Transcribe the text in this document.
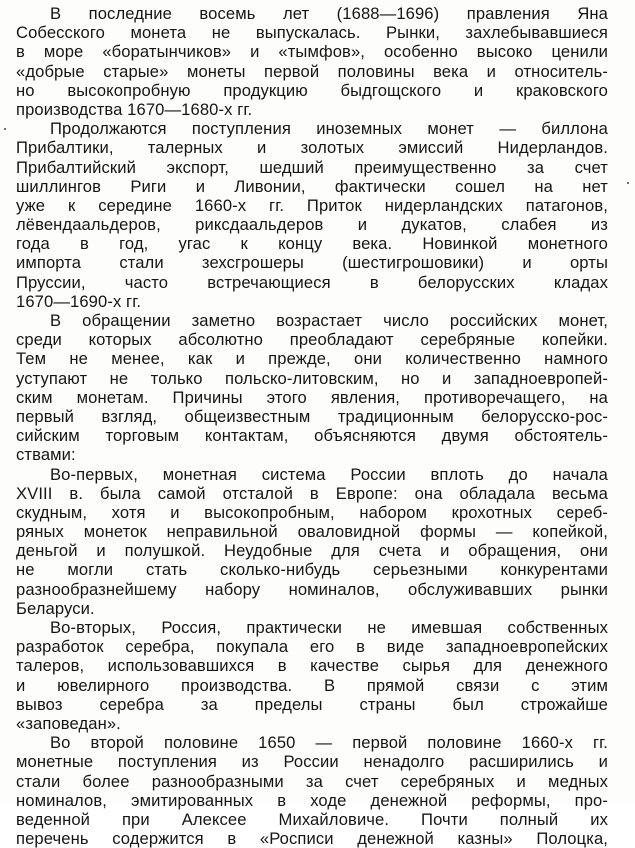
В последние восемь лет (1688—1696) правления Яна
Собесского монета не выпускалась. Рынки, захлебывавшиеся
в море «боратынчиков» и «тымфов», особенно высоко ценили
«добрые старые» монеты первой половины века и относитель-
но высокопробную продукцию быдгощского и краковского
производства 1670—1680-х гг.
Продолжаются поступления иноземных монет — биллона
Прибалтики, талерных и золотых эмиссий Нидерландов.
Прибалтийский экспорт, шедший преимущественно за счет
шиллингов Риги и Ливонии, фактически сошел на нет
уже к середине 1660-х гг. Приток нидерландских патагонов,
лёвендаальдеров, риксдаальдеров и дукатов, слабея из
года в год, угас к концу века. Новинкой монетного
импорта стали зехсгрошеры (шестигрошовики) и орты
Пруссии, часто встречающиеся в белорусских кладах
1670—1690-х гг.
В обращении заметно возрастает число российских монет,
среди которых абсолютно преобладают серебряные копейки.
Тем не менее, как и прежде, они количественно намного
уступают не только польско-литовским, но и западноевропей-
ским монетам. Причины этого явления, противоречащего, на
первый взгляд, общеизвестным традиционным белорусско-рос-
сийским торговым контактам, объясняются двумя обстоятель-
ствами:
Во-первых, монетная система России вплоть до начала
XVIII в. была самой отсталой в Европе: она обладала весьма
скудным, хотя и высокопробным, набором крохотных сереб-
ряных монеток неправильной оваловидной формы — копейкой,
деньгой и полушкой. Неудобные для счета и обращения, они
не могли стать сколько-нибудь серьезными конкурентами
разнообразнейшему набору номиналов, обслуживавших рынки
Беларуси.
Во-вторых, Россия, практически не имевшая собственных
разработок серебра, покупала его в виде западноевропейских
талеров, использовавшихся в качестве сырья для денежного
и ювелирного производства. В прямой связи с этим
вывоз серебра за пределы страны был строжайше
«заповедан».
Во второй половине 1650 — первой половине 1660-х гг.
монетные поступления из России ненадолго расширились и
стали более разнообразными за счет серебряных и медных
номиналов, эмитированных в ходе денежной реформы, про-
веденной при Алексее Михайловиче. Почти полный их
перечень содержится в «Росписи денежной казны» Полоцка,
